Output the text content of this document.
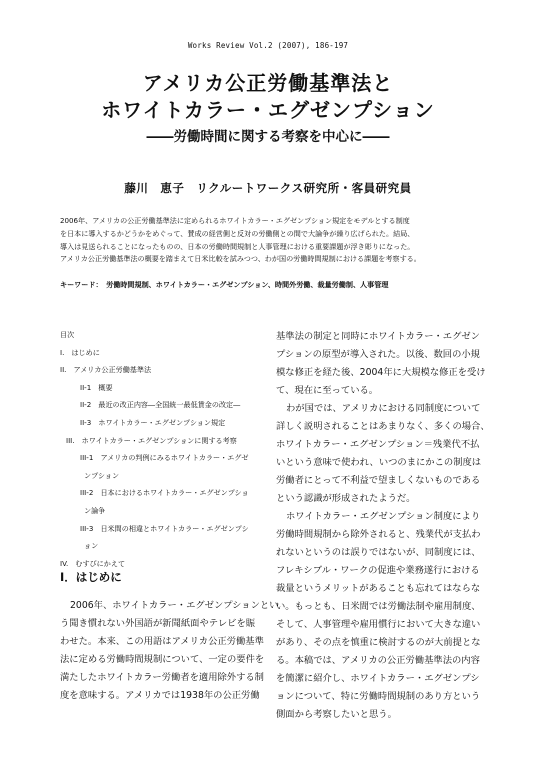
Works Review Vol.2 (2007), 186-197
アメリカ公正労働基準法と
ホワイトカラー・エグゼンプション
――労働時間に関する考察を中心に――
藤川　恵子　リクルートワークス研究所・客員研究員
2006年、アメリカの公正労働基準法に定められるホワイトカラー・エグゼンプション規定をモデルとする制度
を日本に導入するかどうかをめぐって、賛成の経営側と反対の労働側との間で大論争が繰り広げられた。結局、
導入は見送られることになったものの、日本の労働時間規制と人事管理における重要課題が浮き彫りになった。
アメリカ公正労働基準法の概要を踏まえて日米比較を試みつつ、わが国の労働時間規制における課題を考察する。
キーワード：　労働時間規制、ホワイトカラー・エグゼンプション、時間外労働、裁量労働制、人事管理
目次
I.　はじめに
II.　アメリカ公正労働基準法
II-1　概要
II-2　最近の改正内容―全国統一最低賃金の改定―
II-3　ホワイトカラー・エグゼンプション規定
III.　ホワイトカラー・エグゼンプションに関する考察
III-1　アメリカの判例にみるホワイトカラー・エグゼ
ンプション
III-2　日本におけるホワイトカラー・エグゼンプショ
ン論争
III-3　日米間の相違とホワイトカラー・エグゼンプシ
ョン
IV.　むすびにかえて
I．はじめに
2006年、ホワイトカラー・エグゼンプションとい
う聞き慣れない外国語が新聞紙面やテレビを賑
わせた。本来、この用語はアメリカ公正労働基準
法に定める労働時間規制について、一定の要件を
満たしたホワイトカラー労働者を適用除外する制
度を意味する。アメリカでは1938年の公正労働
基準法の制定と同時にホワイトカラー・エグゼン
プションの原型が導入された。以後、数回の小規
模な修正を経た後、2004年に大規模な修正を受け
て、現在に至っている。
わが国では、アメリカにおける同制度について
詳しく説明されることはあまりなく、多くの場合、
ホワイトカラー・エグゼンプション＝残業代不払
いという意味で使われ、いつのまにかこの制度は
労働者にとって不利益で望ましくないものである
という認識が形成されたようだ。
ホワイトカラー・エグゼンプション制度により
労働時間規制から除外されると、残業代が支払わ
れないというのは誤りではないが、同制度には、
フレキシブル・ワークの促進や業務遂行における
裁量というメリットがあることも忘れてはならな
い。もっとも、日米間では労働法制や雇用制度、
そして、人事管理や雇用慣行において大きな違い
があり、その点を慎重に検討するのが大前提とな
る。本稿では、アメリカの公正労働基準法の内容
を簡潔に紹介し、ホワイトカラー・エグゼンプシ
ョンについて、特に労働時間規制のあり方という
側面から考察したいと思う。
